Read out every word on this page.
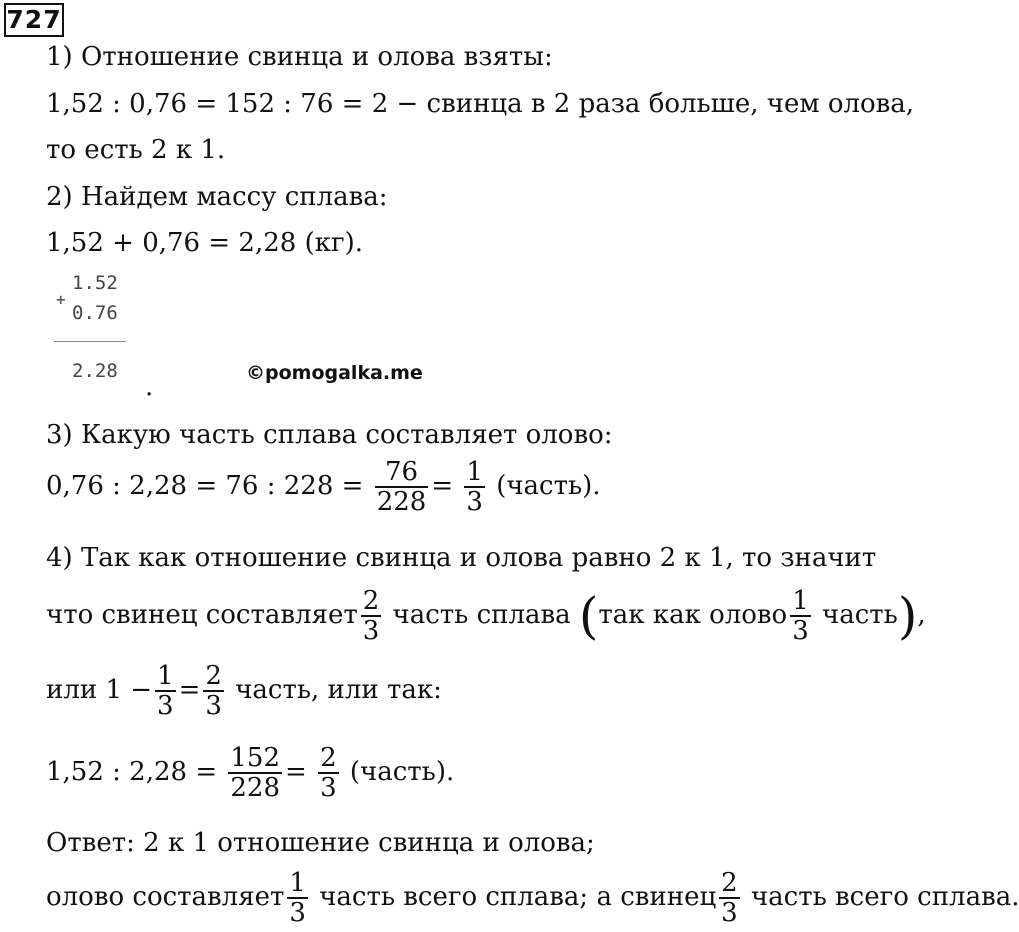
727
1) Отношение свинца и олова взяты:
1,52 : 0,76 = 152 : 76 = 2 − свинца в 2 раза больше, чем олова,
то есть 2 к 1.
2) Найдем массу сплава:
1,52 + 0,76 = 2,28 (кг).
+
1.52
0.76
2.28
.	©pomogalka.me
3) Какую часть сплава составляет олово:
0,76 : 2,28 = 76 : $228 = \frac{76}{228} = \frac{1}{3}$ (часть).
4) Так как отношение свинца и олова равно 2 к 1, то значит
что свинец составляет $\frac{2}{3}$ часть сплава (так как олово $\frac{1}{3}$ часть),
или $1 - \frac{1}{3} = \frac{2}{3}$ часть, или так:
1,52 : $2,28 = \frac{152}{228} = \frac{2}{3}$ (часть).
Ответ: 2 к 1 отношение свинца и олова;
олово составляет $\frac{1}{3}$ часть всего сплава; а свинец $\frac{2}{3}$ часть всего сплава.
